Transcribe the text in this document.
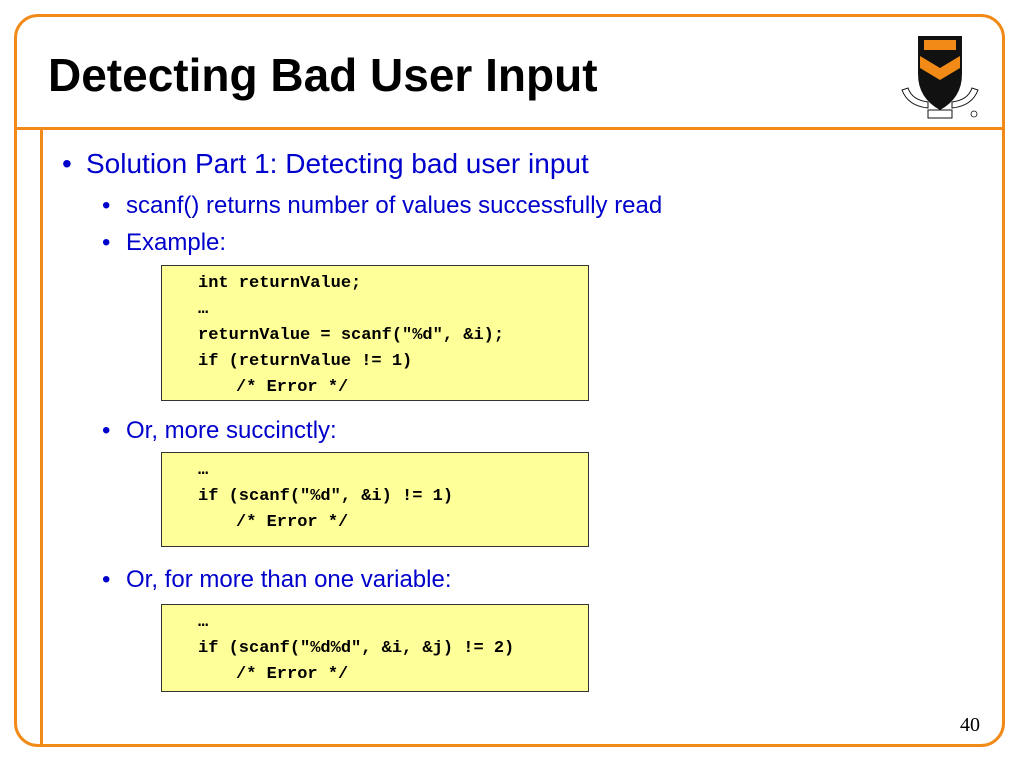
Detecting Bad User Input
• Solution Part 1: Detecting bad user input
• scanf() returns number of values successfully read
• Example:
int returnValue;
…
returnValue = scanf("%d", &i);
if (returnValue != 1)
/* Error */
• Or, more succinctly:
…
if (scanf("%d", &i) != 1)
/* Error */
• Or, for more than one variable:
…
if (scanf("%d%d", &i, &j) != 2)
/* Error */
40
